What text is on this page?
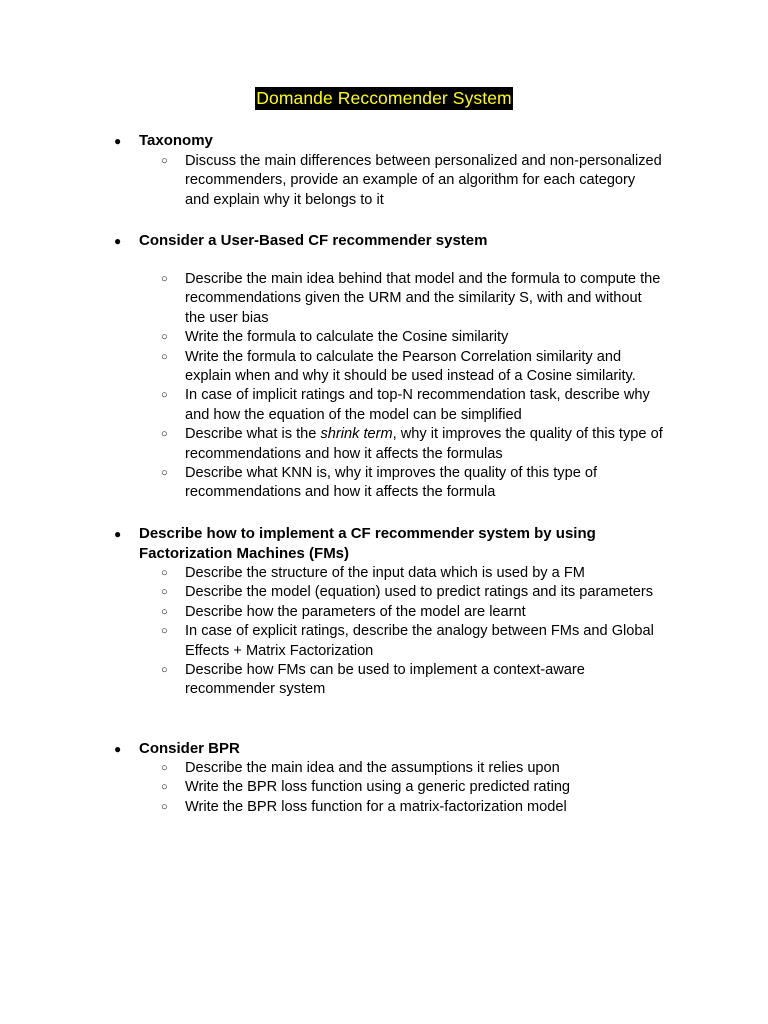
Domande Reccomender System
● Taxonomy
○ Discuss the main differences between personalized and non-personalized recommenders, provide an example of an algorithm for each category and explain why it belongs to it
● Consider a User-Based CF recommender system
○ Describe the main idea behind that model and the formula to compute the recommendations given the URM and the similarity S, with and without the user bias
○ Write the formula to calculate the Cosine similarity
○ Write the formula to calculate the Pearson Correlation similarity and explain when and why it should be used instead of a Cosine similarity.
○ In case of implicit ratings and top-N recommendation task, describe why and how the equation of the model can be simplified
○ Describe what is the shrink term, why it improves the quality of this type of recommendations and how it affects the formulas
○ Describe what KNN is, why it improves the quality of this type of recommendations and how it affects the formula
● Describe how to implement a CF recommender system by using Factorization Machines (FMs)
○ Describe the structure of the input data which is used by a FM
○ Describe the model (equation) used to predict ratings and its parameters
○ Describe how the parameters of the model are learnt
○ In case of explicit ratings, describe the analogy between FMs and Global Effects + Matrix Factorization
○ Describe how FMs can be used to implement a context-aware recommender system
● Consider BPR
○ Describe the main idea and the assumptions it relies upon
○ Write the BPR loss function using a generic predicted rating
○ Write the BPR loss function for a matrix-factorization model
